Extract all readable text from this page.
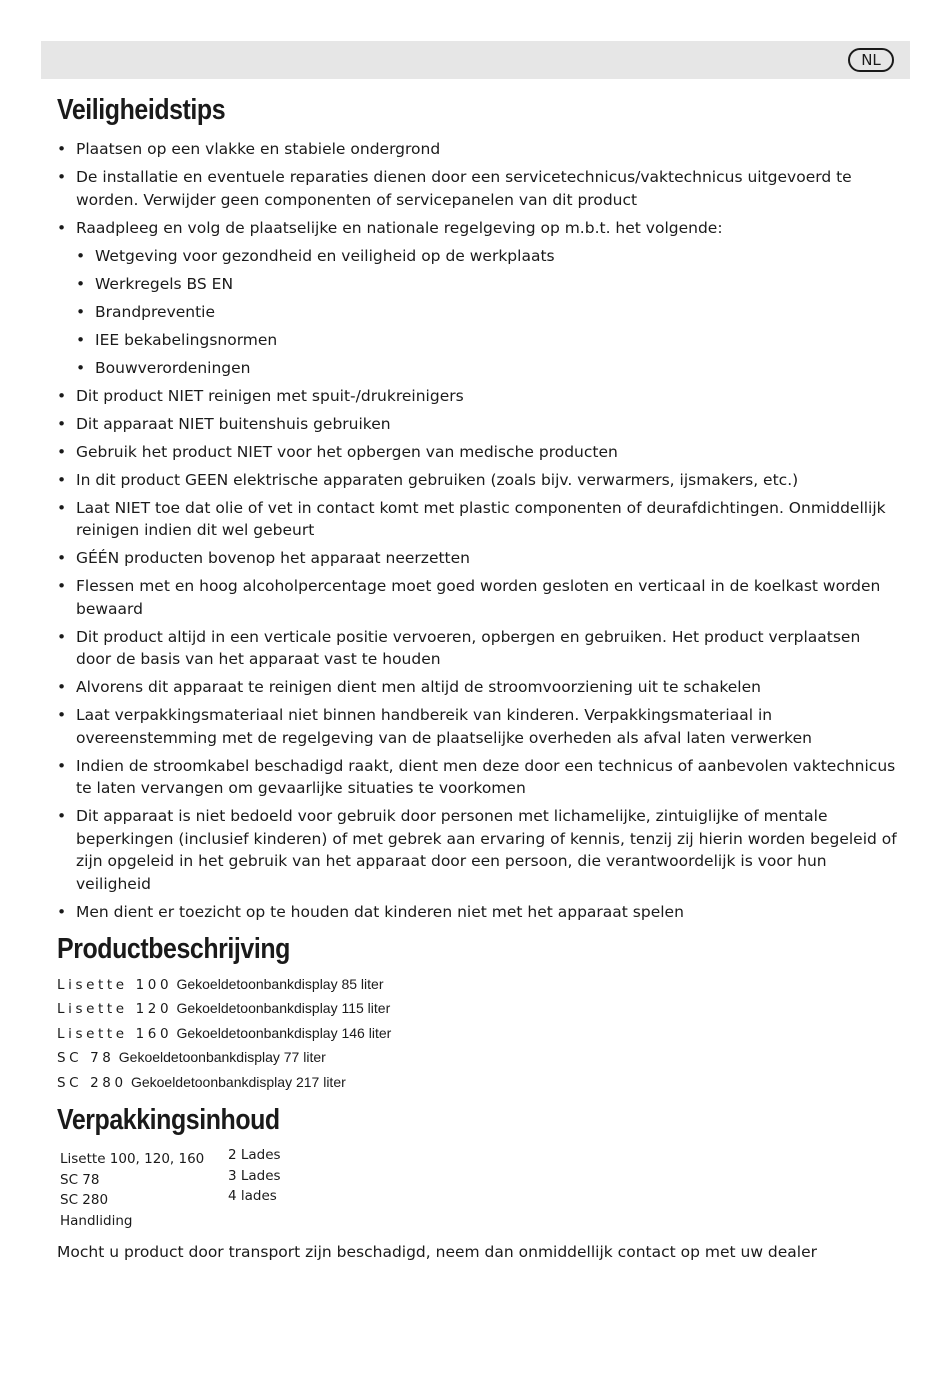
NL
Veiligheidstips
• Plaatsen op een vlakke en stabiele ondergrond
• De installatie en eventuele reparaties dienen door een servicetechnicus/vaktechnicus uitgevoerd te worden. Verwijder geen componenten of servicepanelen van dit product
• Raadpleeg en volg de plaatselijke en nationale regelgeving op m.b.t. het volgende:
• Wetgeving voor gezondheid en veiligheid op de werkplaats
• Werkregels BS EN
• Brandpreventie
• IEE bekabelingsnormen
• Bouwverordeningen
• Dit product NIET reinigen met spuit-/drukreinigers
• Dit apparaat NIET buitenshuis gebruiken
• Gebruik het product NIET voor het opbergen van medische producten
• In dit product GEEN elektrische apparaten gebruiken (zoals bijv. verwarmers, ijsmakers, etc.)
• Laat NIET toe dat olie of vet in contact komt met plastic componenten of deurafdichtingen. Onmiddellijk reinigen indien dit wel gebeurt
• GÉÉN producten bovenop het apparaat neerzetten
• Flessen met en hoog alcoholpercentage moet goed worden gesloten en verticaal in de koelkast worden bewaard
• Dit product altijd in een verticale positie vervoeren, opbergen en gebruiken. Het product verplaatsen door de basis van het apparaat vast te houden
• Alvorens dit apparaat te reinigen dient men altijd de stroomvoorziening uit te schakelen
• Laat verpakkingsmateriaal niet binnen handbereik van kinderen. Verpakkingsmateriaal in overeenstemming met de regelgeving van de plaatselijke overheden als afval laten verwerken
• Indien de stroomkabel beschadigd raakt, dient men deze door een technicus of aanbevolen vaktechnicus te laten vervangen om gevaarlijke situaties te voorkomen
• Dit apparaat is niet bedoeld voor gebruik door personen met lichamelijke, zintuiglijke of mentale beperkingen (inclusief kinderen) of met gebrek aan ervaring of kennis, tenzij zij hierin worden begeleid of zijn opgeleid in het gebruik van het apparaat door een persoon, die verantwoordelijk is voor hun veiligheid
• Men dient er toezicht op te houden dat kinderen niet met het apparaat spelen
Productbeschrijving
Lisette 100 Gekoeldetoonbankdisplay 85 liter
Lisette 120 Gekoeldetoonbankdisplay 115 liter
Lisette 160 Gekoeldetoonbankdisplay 146 liter
SC 78 Gekoeldetoonbankdisplay 77 liter
SC 280 Gekoeldetoonbankdisplay 217 liter
Verpakkingsinhoud
Lisette 100, 120, 160
SC 78
SC 280
Handliding
2 Lades
3 Lades
4 lades

Mocht u product door transport zijn beschadigd, neem dan onmiddellijk contact op met uw dealer
